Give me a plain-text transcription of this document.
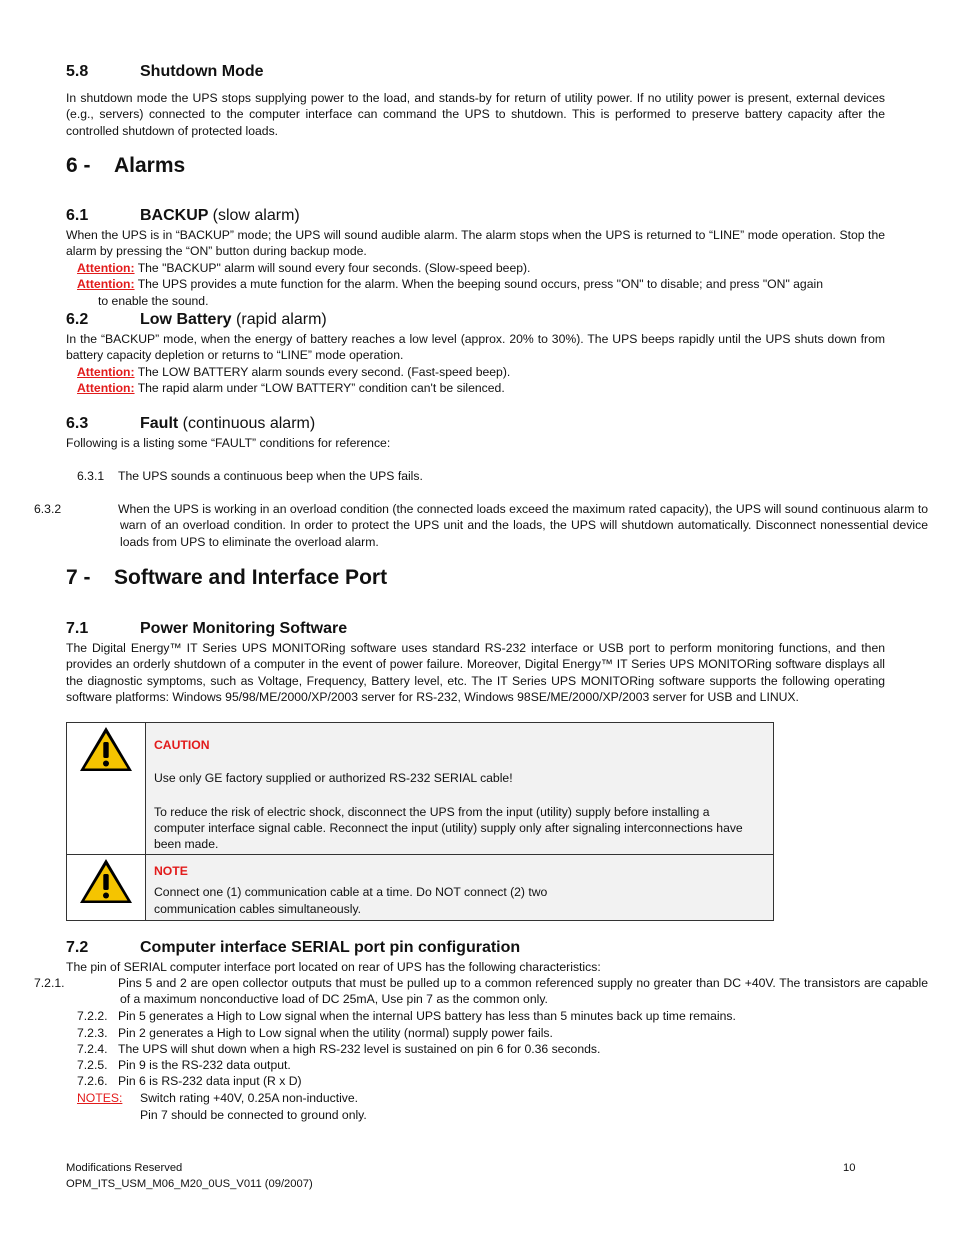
5.8	Shutdown Mode
In shutdown mode the UPS stops supplying power to the load, and stands-by for return of utility power. If no utility power is present, external devices (e.g., servers) connected to the computer interface can command the UPS to shutdown. This is performed to preserve battery capacity after the controlled shutdown of protected loads.
6 - Alarms
6.1	BACKUP (slow alarm)
When the UPS is in “BACKUP” mode; the UPS will sound audible alarm. The alarm stops when the UPS is returned to “LINE” mode operation. Stop the alarm by pressing the “ON” button during backup mode.
Attention: The "BACKUP" alarm will sound every four seconds. (Slow-speed beep).
Attention: The UPS provides a mute function for the alarm. When the beeping sound occurs, press "ON" to disable; and press "ON" again
to enable the sound.
6.2	Low Battery (rapid alarm)
In the “BACKUP” mode, when the energy of battery reaches a low level (approx. 20% to 30%). The UPS beeps rapidly until the UPS shuts down from battery capacity depletion or returns to “LINE” mode operation.
Attention: The LOW BATTERY alarm sounds every second. (Fast-speed beep).
Attention: The rapid alarm under “LOW BATTERY” condition can't be silenced.
6.3	Fault (continuous alarm)
Following is a listing some “FAULT” conditions for reference:
6.3.1 The UPS sounds a continuous beep when the UPS fails.
6.3.2	When the UPS is working in an overload condition (the connected loads exceed the maximum rated capacity), the UPS will sound continuous alarm to warn of an overload condition. In order to protect the UPS unit and the loads, the UPS will shutdown automatically. Disconnect nonessential device loads from UPS to eliminate the overload alarm.
7 - Software and Interface Port
7.1	Power Monitoring Software
The Digital Energy™ IT Series UPS MONITORing software uses standard RS-232 interface or USB port to perform monitoring functions, and then provides an orderly shutdown of a computer in the event of power failure. Moreover, Digital Energy™ IT Series UPS MONITORing software displays all the diagnostic symptoms, such as Voltage, Frequency, Battery level, etc. The IT Series UPS MONITORing software supports the following operating software platforms: Windows 95/98/ME/2000/XP/2003 server for RS-232, Windows 98SE/ME/2000/XP/2003 server for USB and LINUX.

CAUTION
Use only GE factory supplied or authorized RS-232 SERIAL cable!
To reduce the risk of electric shock, disconnect the UPS from the input (utility) supply before installing a computer interface signal cable. Reconnect the input (utility) supply only after signaling interconnections have been made.

NOTE
Connect one (1) communication cable at a time. Do NOT connect (2) two
communication cables simultaneously.
7.2	Computer interface SERIAL port pin configuration
The pin of SERIAL computer interface port located on rear of UPS has the following characteristics:
7.2.1.	Pins 5 and 2 are open collector outputs that must be pulled up to a common referenced supply no greater than DC +40V. The transistors are capable of a maximum nonconductive load of DC 25mA, Use pin 7 as the common only.
7.2.2. Pin 5 generates a High to Low signal when the internal UPS battery has less than 5 minutes back up time remains.
7.2.3. Pin 2 generates a High to Low signal when the utility (normal) supply power fails.
7.2.4. The UPS will shut down when a high RS-232 level is sustained on pin 6 for 0.36 seconds.
7.2.5. Pin 9 is the RS-232 data output.
7.2.6. Pin 6 is RS-232 data input (R x D)
NOTES: Switch rating +40V, 0.25A non-inductive.
Pin 7 should be connected to ground only.
Modifications Reserved
OPM_ITS_USM_M06_M20_0US_V011 (09/2007)
10
